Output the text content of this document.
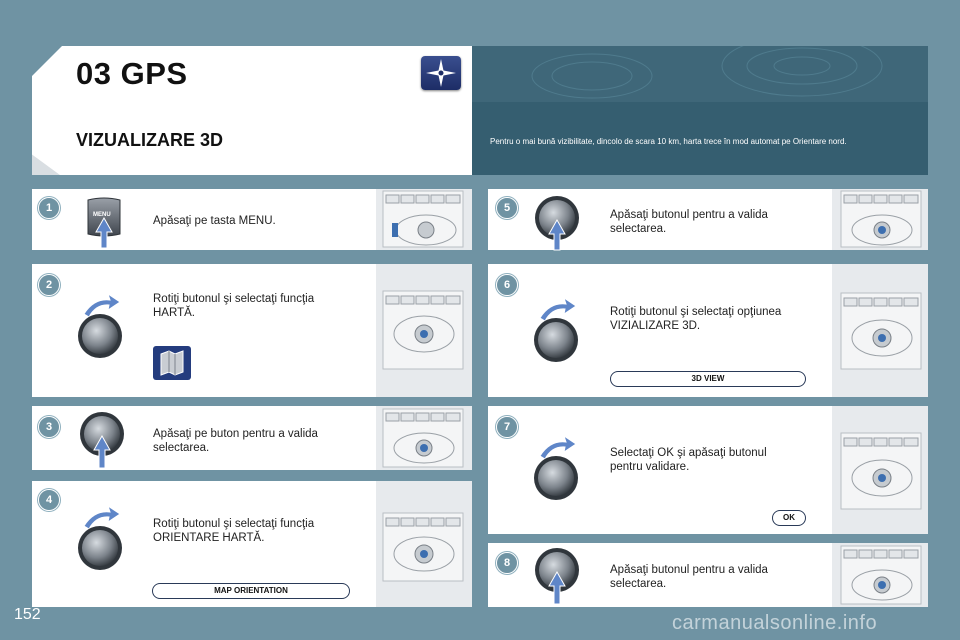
03 GPS
VIZUALIZARE 3D	Pentru o mai bună vizibilitate, dincolo de scara 10 km, harta trece în mod automat pe Orientare nord.
1
2
3
4
5
6
7
8
Apăsaţi pe tasta MENU.
Rotiţi butonul şi selectaţi funcţia HARTĂ.
Apăsaţi pe buton pentru a valida selectarea.
Rotiţi butonul şi selectaţi funcţia ORIENTARE HARTĂ.
Apăsaţi butonul pentru a valida selectarea.
Rotiţi butonul şi selectaţi opţiunea VIZIALIZARE 3D.
Selectaţi OK şi apăsaţi butonul pentru validare.
Apăsaţi butonul pentru a valida selectarea.
MAP ORIENTATION
3D VIEW
OK
MENU
152	carmanualsonline.info
